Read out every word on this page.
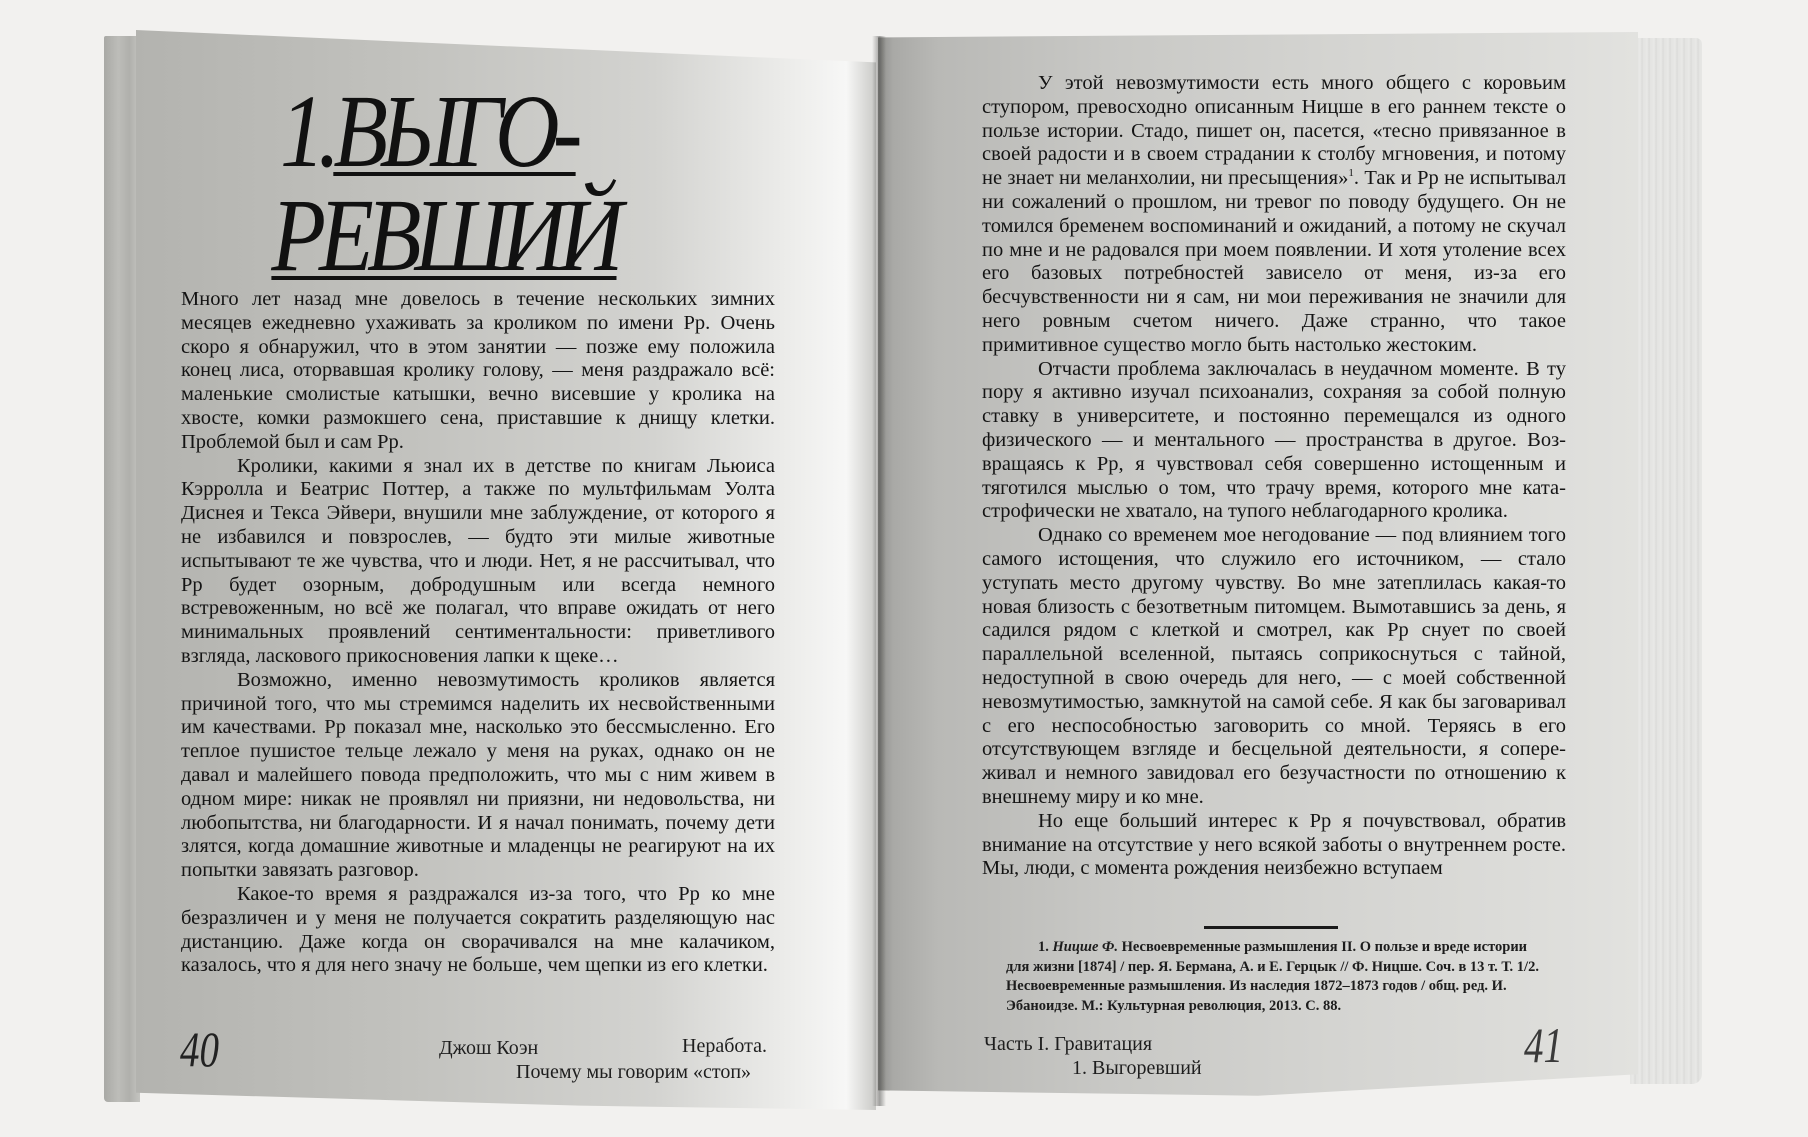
1.ВЫГО-
РЕВШИЙ

Много лет назад мне довелось в течение нескольких зимних месяцев ежедневно ухаживать за кроликом по имени Рр. Очень скоро я обнаружил, что в этом занятии — позже ему положила конец лиса, оторвавшая кролику голову, — меня раздражало всё: маленькие смолистые катышки, вечно висевшие у кролика на хвосте, комки размокшего сена, приставшие к днищу клетки. Проблемой был и сам Рр.

Кролики, какими я знал их в детстве по книгам Льюиса Кэрролла и Беатрис Поттер, а также по мультфильмам Уолта Диснея и Текса Эйвери, внушили мне заблуждение, от которого я не избавился и повзрослев, — будто эти милые животные испытывают те же чувства, что и люди. Нет, я не рассчитывал, что Рр будет озорным, добродушным или всегда немного встревоженным, но всё же полагал, что вправе ожидать от него минимальных проявлений сентиментальности: приветливого взгляда, ласкового прикосновения лапки к щеке…

Возможно, именно невозмутимость кроликов является причиной того, что мы стремимся наделить их несвойственными им качествами. Рр показал мне, насколько это бессмысленно. Его теплое пушистое тельце лежало у меня на руках, однако он не давал и малейшего повода предположить, что мы с ним живем в одном мире: никак не проявлял ни приязни, ни недовольства, ни любопытства, ни благодарности. И я начал понимать, почему дети злятся, когда домашние животные и младенцы не реагируют на их попытки завязать разговор.

Какое-то время я раздражался из-за того, что Рр ко мне безразличен и у меня не получается сократить разделяющую нас дистанцию. Даже когда он сворачивался на мне калачиком, казалось, что я для него значу не больше, чем щепки из его клетки.

40	Джош Коэн	Неработа.
Почему мы говорим «стоп»

У этой невозмутимости есть много общего с коровьим ступором, превосходно описанным Ницше в его раннем тексте о пользе истории. Стадо, пишет он, пасется, «тесно привязанное в своей радости и в своем страдании к столбу мгновения, и потому не знает ни меланхолии, ни пресыщения»$^1$. Так и Рр не испытывал ни сожалений о прошлом, ни тревог по поводу будущего. Он не томился бременем воспоминаний и ожиданий, а потому не скучал по мне и не радовался при моем появлении. И хотя утоление всех его базовых потребностей зависело от меня, из-за его бесчувственности ни я сам, ни мои переживания не значили для него ровным счетом ничего. Даже странно, что такое примитивное существо могло быть настолько жестоким.

Отчасти проблема заключалась в неудачном моменте. В ту пору я активно изучал психоанализ, сохраняя за собой полную ставку в университете, и постоянно перемещался из одного физического — и ментального — пространства в другое. Возвращаясь к Рр, я чувствовал себя совершенно истощенным и тяготился мыслью о том, что трачу время, которого мне катастрофически не хватало, на тупого неблагодарного кролика.

Однако со временем мое негодование — под влиянием того самого истощения, что служило его источником, — стало уступать место другому чувству. Во мне затеплилась какая-то новая близость с безответным питомцем. Вымотавшись за день, я садился рядом с клеткой и смотрел, как Рр снует по своей параллельной вселенной, пытаясь соприкоснуться с тайной, недоступной в свою очередь для него, — с моей собственной невозмутимостью, замкнутой на самой себе. Я как бы заговаривал с его неспособностью заговорить со мной. Теряясь в его отсутствующем взгляде и бесцельной деятельности, я сопереживал и немного завидовал его безучастности по отношению к внешнему миру и ко мне.

Но еще больший интерес к Рр я почувствовал, обратив внимание на отсутствие у него всякой заботы о внутреннем росте. Мы, люди, с момента рождения неизбежно вступаем

1. Ницше Ф. Несвоевременные размышления II. О пользе и вреде истории для жизни [1874] / пер. Я. Бермана, А. и Е. Герцык // Ф. Ницше. Соч. в 13 т. Т. 1/2. Несвоевременные размышления. Из наследия 1872–1873 годов / общ. ред. И. Эбаноидзе. М.: Культурная революция, 2013. С. 88.
Часть I. Гравитация
1. Выгоревший	41
